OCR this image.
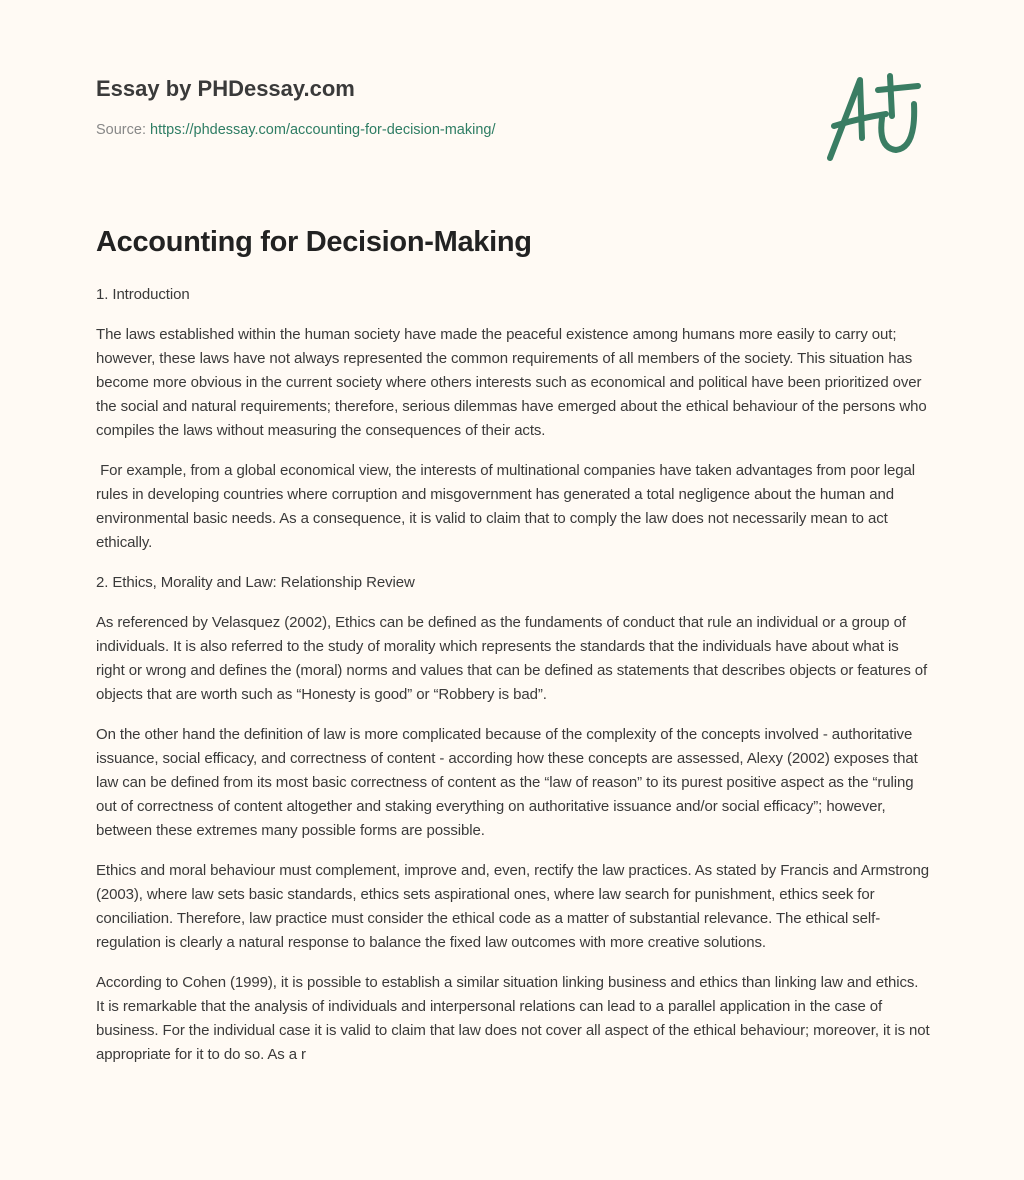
Essay by PHDessay.com
Source: https://phdessay.com/accounting-for-decision-making/
Accounting for Decision-Making

1. Introduction

The laws established within the human society have made the peaceful existence among humans more easily to carry out; however, these laws have not always represented the common requirements of all members of the society. This situation has become more obvious in the current society where others interests such as economical and political have been prioritized over the social and natural requirements; therefore, serious dilemmas have emerged about the ethical behaviour of the persons who compiles the laws without measuring the consequences of their acts.

For example, from a global economical view, the interests of multinational companies have taken advantages from poor legal rules in developing countries where corruption and misgovernment has generated a total negligence about the human and environmental basic needs. As a consequence, it is valid to claim that to comply the law does not necessarily mean to act ethically.

2. Ethics, Morality and Law: Relationship Review

As referenced by Velasquez (2002), Ethics can be defined as the fundaments of conduct that rule an individual or a group of individuals. It is also referred to the study of morality which represents the standards that the individuals have about what is right or wrong and defines the (moral) norms and values that can be defined as statements that describes objects or features of objects that are worth such as “Honesty is good” or “Robbery is bad”.

On the other hand the definition of law is more complicated because of the complexity of the concepts involved - authoritative issuance, social efficacy, and correctness of content - according how these concepts are assessed, Alexy (2002) exposes that law can be defined from its most basic correctness of content as the “law of reason” to its purest positive aspect as the “ruling out of correctness of content altogether and staking everything on authoritative issuance and/or social efficacy”; however, between these extremes many possible forms are possible.

Ethics and moral behaviour must complement, improve and, even, rectify the law practices. As stated by Francis and Armstrong (2003), where law sets basic standards, ethics sets aspirational ones, where law search for punishment, ethics seek for conciliation. Therefore, law practice must consider the ethical code as a matter of substantial relevance. The ethical self-regulation is clearly a natural response to balance the fixed law outcomes with more creative solutions.

According to Cohen (1999), it is possible to establish a similar situation linking business and ethics than linking law and ethics. It is remarkable that the analysis of individuals and interpersonal relations can lead to a parallel application in the case of business. For the individual case it is valid to claim that law does not cover all aspect of the ethical behaviour; moreover, it is not appropriate for it to do so. As a r
